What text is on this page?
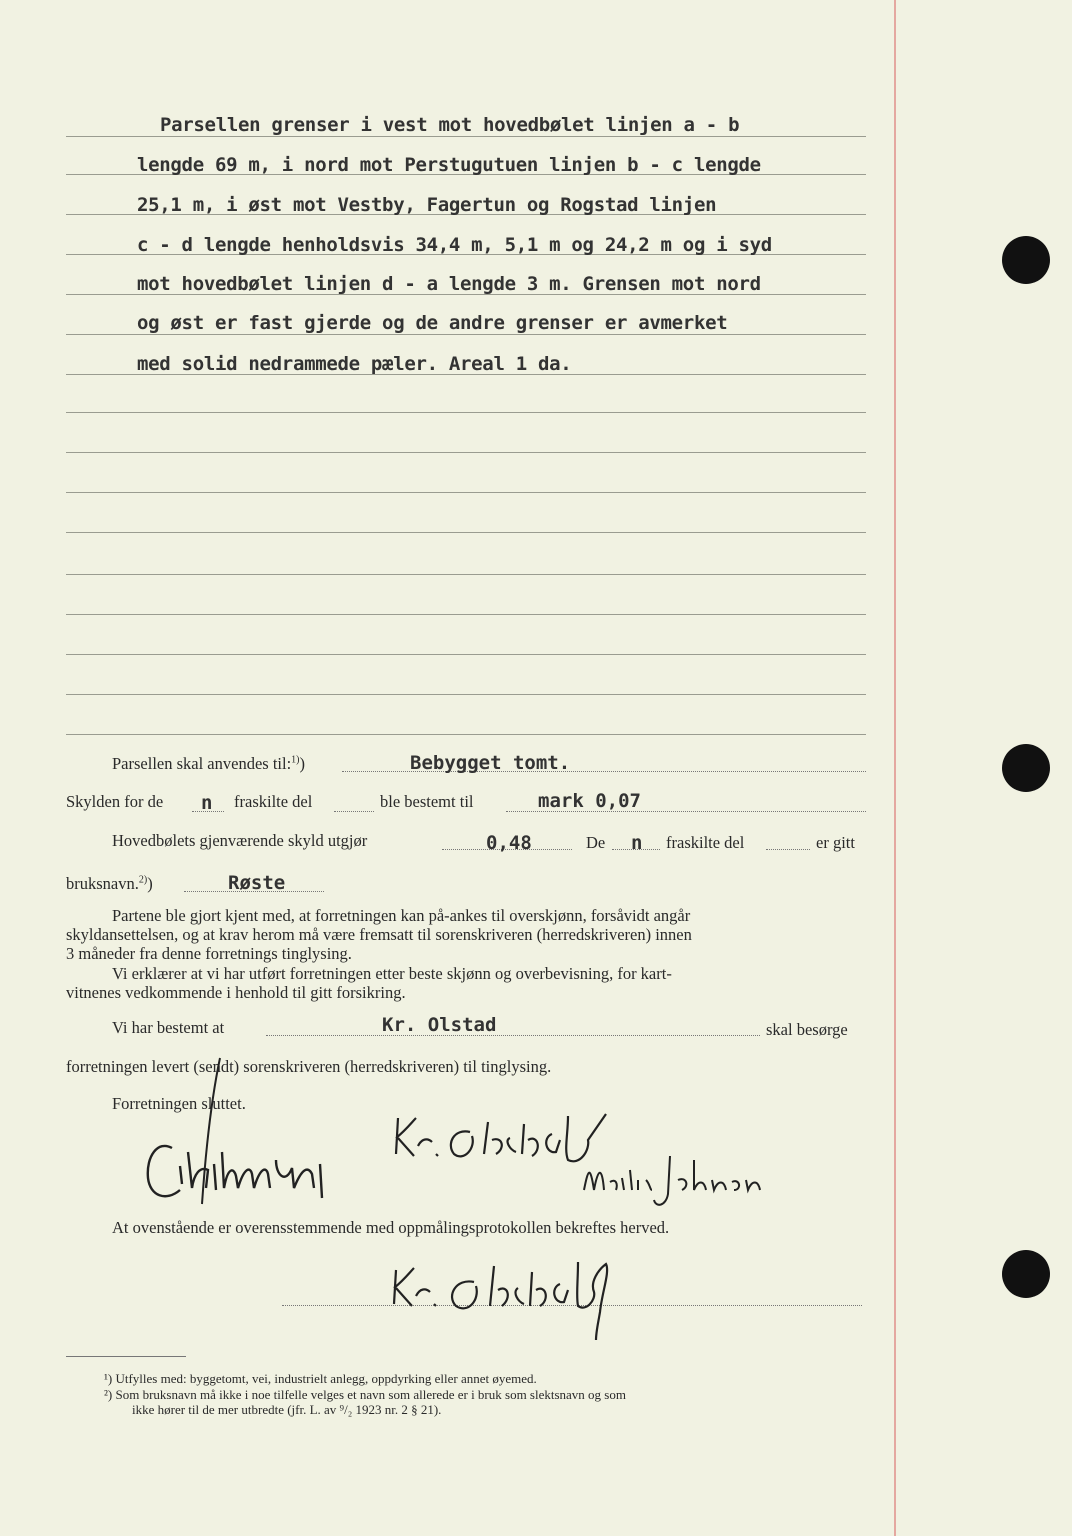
Parsellen grenser i vest mot hovedbølet linjen a - b
lengde 69 m, i nord mot Perstugutuen linjen b - c lengde
25,1 m, i øst mot Vestby, Fagertun og Rogstad linjen
c - d lengde henholdsvis 34,4 m, 5,1 m og 24,2 m og i syd
mot hovedbølet linjen d - a lengde 3 m. Grensen mot nord
og øst er fast gjerde og de andre grenser er avmerket
med solid nedrammede pæler. Areal 1 da.
Parsellen skal anvendes til:$^{1)}$)	Bebygget tomt.
Skylden for de n fraskilte del	ble bestemt til	mark 0,07
Hovedbølets gjenværende skyld utgjør	0,48	De n fraskilte del	er gitt
bruksnavn.$^{2)}$)	Røste
Partene ble gjort kjent med, at forretningen kan på-ankes til overskjønn, forsåvidt angår
skyldansettelsen, og at krav herom må være fremsatt til sorenskriveren (herredskriveren) innen
3 måneder fra denne forretnings tinglysing.
Vi erklærer at vi har utført forretningen etter beste skjønn og overbevisning, for kart-
vitnenes vedkommende i henhold til gitt forsikring.
Vi har bestemt at	Kr. Olstad	skal besørge
forretningen levert (sendt) sorenskriveren (herredskriveren) til tinglysing.
Forretningen sluttet.
At ovenstående er overensstemmende med oppmålingsprotokollen bekreftes herved.
¹) Utfylles med: byggetomt, vei, industrielt anlegg, oppdyrking eller annet øyemed.
²) Som bruksnavn må ikke i noe tilfelle velges et navn som allerede er i bruk som slektsnavn og som
ikke hører til de mer utbredte (jfr. L. av ⁹/₂ 1923 nr. 2 § 21).
